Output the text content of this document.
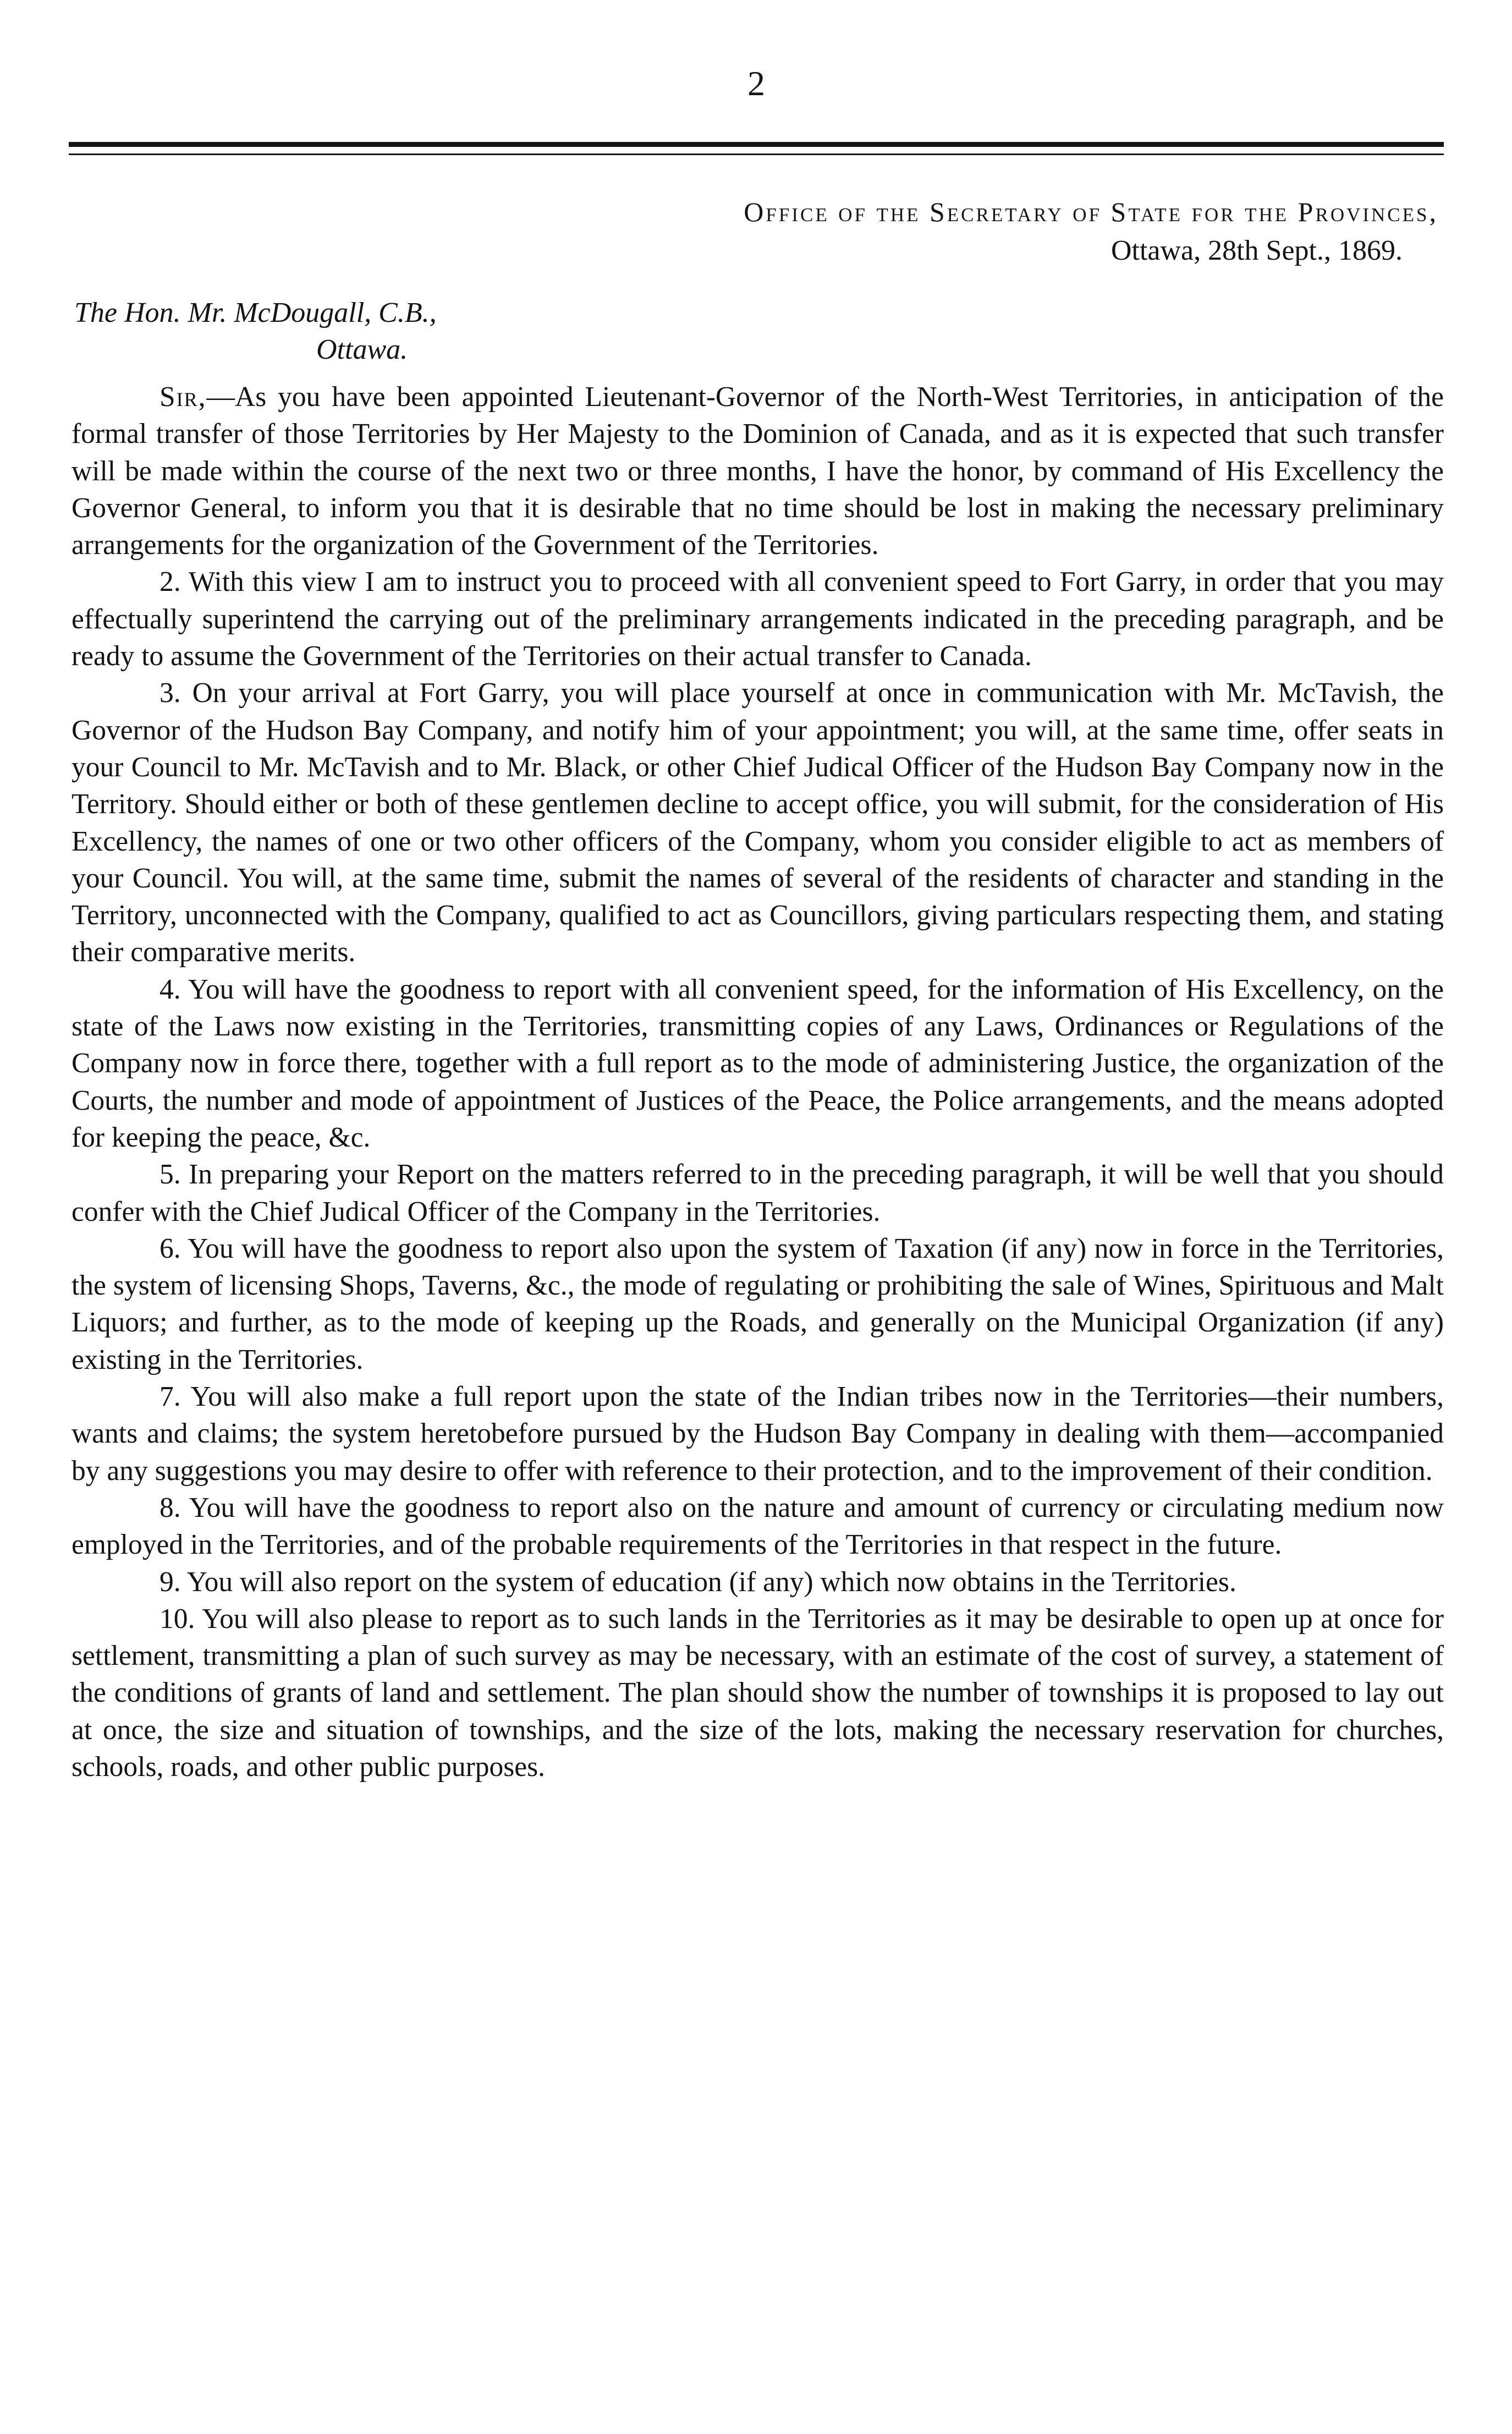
2
Office of the Secretary of State for the Provinces,
Ottawa, 28th Sept., 1869.
The Hon. Mr. McDougall, C.B.,
Ottawa.

Sir,—As you have been appointed Lieutenant-Governor of the North-West Territories, in anticipation of the formal transfer of those Territories by Her Majesty to the Dominion of Canada, and as it is expected that such transfer will be made within the course of the next two or three months, I have the honor, by command of His Excellency the Governor General, to inform you that it is desirable that no time should be lost in making the necessary preliminary arrangements for the organization of the Government of the Territories.

2. With this view I am to instruct you to proceed with all convenient speed to Fort Garry, in order that you may effectually superintend the carrying out of the preliminary arrangements indicated in the preceding paragraph, and be ready to assume the Government of the Territories on their actual transfer to Canada.

3. On your arrival at Fort Garry, you will place yourself at once in communication with Mr. McTavish, the Governor of the Hudson Bay Company, and notify him of your appointment; you will, at the same time, offer seats in your Council to Mr. McTavish and to Mr. Black, or other Chief Judical Officer of the Hudson Bay Company now in the Territory. Should either or both of these gentlemen decline to accept office, you will submit, for the consideration of His Excellency, the names of one or two other officers of the Company, whom you consider eligible to act as members of your Council. You will, at the same time, submit the names of several of the residents of character and standing in the Territory, unconnected with the Company, qualified to act as Councillors, giving particulars respecting them, and stating their comparative merits.

4. You will have the goodness to report with all convenient speed, for the information of His Excellency, on the state of the Laws now existing in the Territories, transmitting copies of any Laws, Ordinances or Regulations of the Company now in force there, together with a full report as to the mode of administering Justice, the organization of the Courts, the number and mode of appointment of Justices of the Peace, the Police arrangements, and the means adopted for keeping the peace, &c.

5. In preparing your Report on the matters referred to in the preceding paragraph, it will be well that you should confer with the Chief Judical Officer of the Company in the Territories.

6. You will have the goodness to report also upon the system of Taxation (if any) now in force in the Territories, the system of licensing Shops, Taverns, &c., the mode of regulating or prohibiting the sale of Wines, Spirituous and Malt Liquors; and further, as to the mode of keeping up the Roads, and generally on the Municipal Organization (if any) existing in the Territories.

7. You will also make a full report upon the state of the Indian tribes now in the Territories—their numbers, wants and claims; the system heretobefore pursued by the Hudson Bay Company in dealing with them—accompanied by any suggestions you may desire to offer with reference to their protection, and to the improvement of their condition.

8. You will have the goodness to report also on the nature and amount of currency or circulating medium now employed in the Territories, and of the probable requirements of the Territories in that respect in the future.

9. You will also report on the system of education (if any) which now obtains in the Territories.

10. You will also please to report as to such lands in the Territories as it may be desirable to open up at once for settlement, transmitting a plan of such survey as may be necessary, with an estimate of the cost of survey, a statement of the conditions of grants of land and settlement. The plan should show the number of townships it is proposed to lay out at once, the size and situation of townships, and the size of the lots, making the necessary reservation for churches, schools, roads, and other public purposes.
